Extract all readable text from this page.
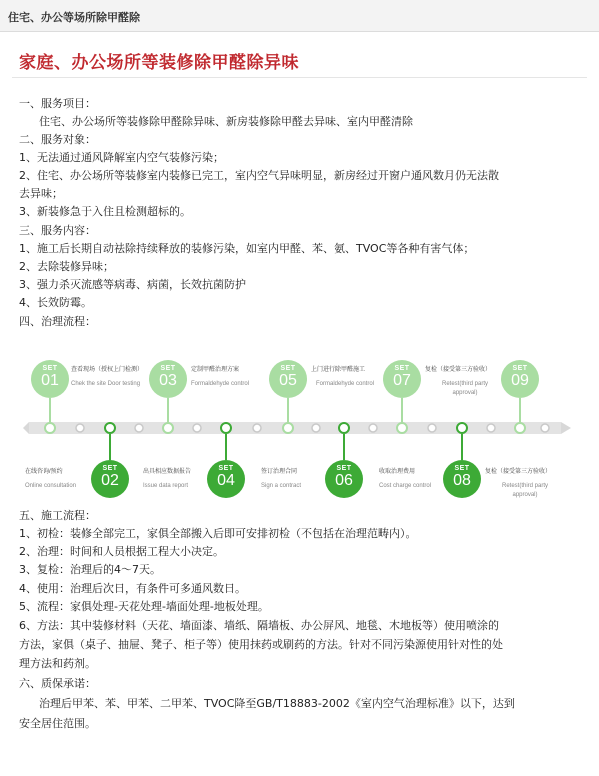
住宅、办公等场所除甲醛除
家庭、办公场所等装修除甲醛除异味
一、服务项目：
住宅、办公场所等装修除甲醛除异味、新房装修除甲醛去异味、室内甲醛清除
二、服务对象：
1、无法通过通风降解室内空气装修污染；
2、住宅、办公场所等装修室内装修已完工，室内空气异味明显，新房经过开窗户通风数月仍无法散
去异味；
3、新装修急于入住且检测超标的。
三、服务内容：
1、施工后长期自动祛除持续释放的装修污染，如室内甲醛、苯、氨、TVOC等各种有害气体；
2、去除装修异味；
3、强力杀灭流感等病毒、病菌，长效抗菌防护
4、长效防霉。
四、治理流程：
SET
01
SET
03
SET
05
SET
07
SET
09
SET
02
SET
04
SET
06
SET
08
查看现场（授权上门检测）
Chek the site Door testing
定制甲醛治理方案
Formaldehyde control
上门进行除甲醛施工
Formaldehyde control
复检（接受第三方验收）
Retest(third party approval)
在线咨询/预约
Online consultation
出具相应数据报告
Issue data report
签订治理合同
Sign a contract
收取治理费用
Cost charge control
复检（接受第三方验收）
Retest(third party approval)
五、施工流程：
1、初检：装修全部完工，家俱全部搬入后即可安排初检（不包括在治理范畴内）。
2、治理：时间和人员根据工程大小决定。
3、复检：治理后的4～7天。
4、使用：治理后次日，有条件可多通风数日。
5、流程：家俱处理-天花处理-墙面处理-地板处理。
6、方法：其中装修材料（天花、墙面漆、墙纸、隔墙板、办公屏风、地毯、木地板等）使用喷涂的
方法，家俱（桌子、抽屉、凳子、柜子等）使用抹药或刷药的方法。针对不同污染源使用针对性的处
理方法和药剂。
六、质保承诺：
治理后甲苯、苯、甲苯、二甲苯、TVOC降至GB/T18883-2002《室内空气治理标准》以下，达到
安全居住范围。
